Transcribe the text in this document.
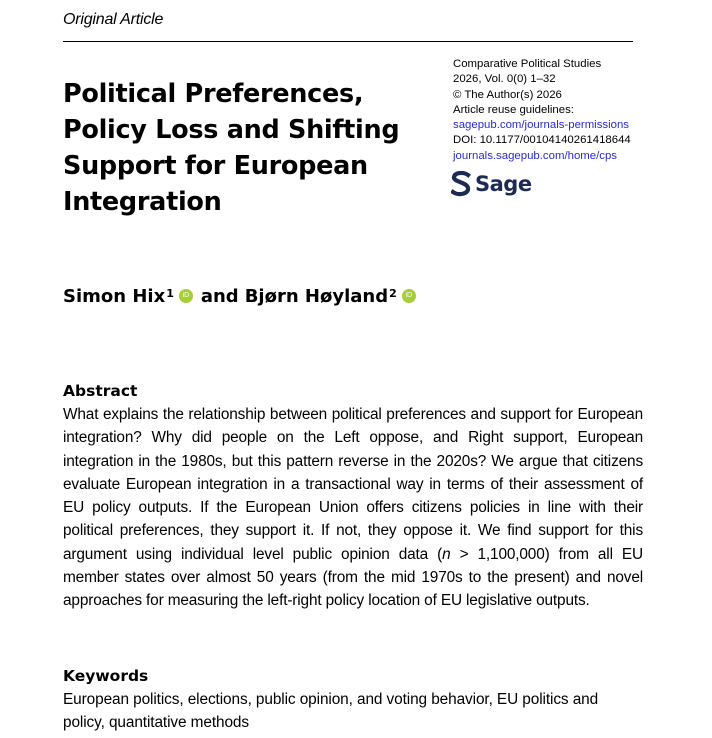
Original Article
Political Preferences, Policy Loss and Shifting Support for European Integration
Comparative Political Studies
2026, Vol. 0(0) 1–32
© The Author(s) 2026
Article reuse guidelines:
sagepub.com/journals-permissions
DOI: 10.1177/00104140261418644
journals.sagepub.com/home/cps
Sage
Simon Hix$^1$	iD and Bjørn Høyland$^2$	iD
Abstract
What explains the relationship between political preferences and support for European integration? Why did people on the Left oppose, and Right support, European integration in the 1980s, but this pattern reverse in the 2020s? We argue that citizens evaluate European integration in a transactional way in terms of their assessment of EU policy outputs. If the European Union offers citizens policies in line with their political preferences, they support it. If not, they oppose it. We find support for this argument using individual level public opinion data (n > 1,100,000) from all EU member states over almost 50 years (from the mid 1970s to the present) and novel approaches for measuring the left-right policy location of EU legislative outputs.
Keywords
European politics, elections, public opinion, and voting behavior, EU politics and policy, quantitative methods
